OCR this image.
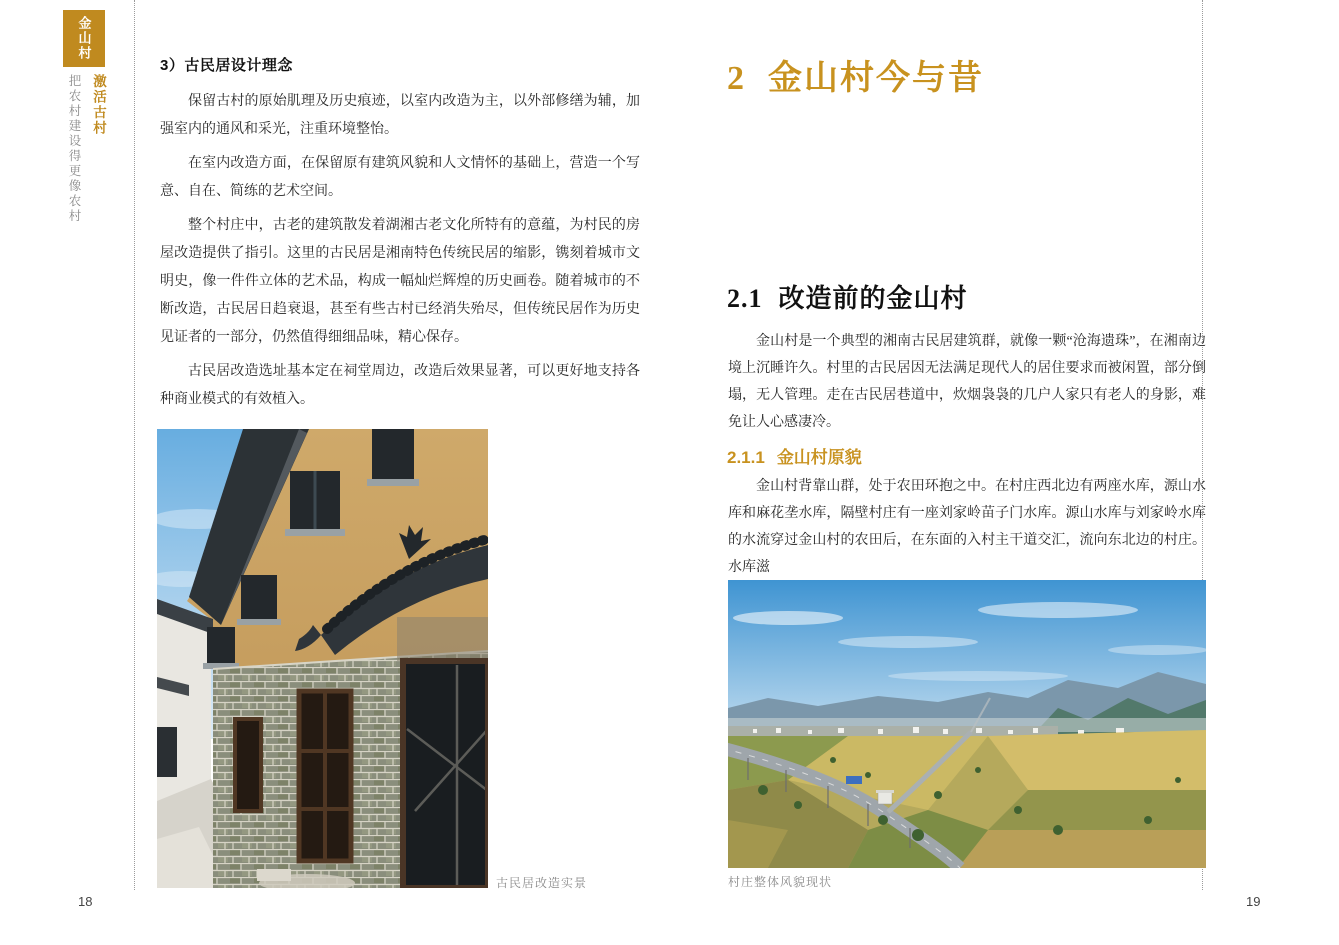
金山村
激活古村
把农村建设得更像农村
3）古民居设计理念

保留古村的原始肌理及历史痕迹，以室内改造为主，以外部修缮为辅，加强室内的通风和采光，注重环境整怡。

在室内改造方面，在保留原有建筑风貌和人文情怀的基础上，营造一个写意、自在、简练的艺术空间。

整个村庄中，古老的建筑散发着湖湘古老文化所特有的意蕴，为村民的房屋改造提供了指引。这里的古民居是湘南特色传统民居的缩影，镌刻着城市文明史，像一件件立体的艺术品，构成一幅灿烂辉煌的历史画卷。随着城市的不断改造，古民居日趋衰退，甚至有些古村已经消失殆尽，但传统民居作为历史见证者的一部分，仍然值得细细品味，精心保存。

古民居改造选址基本定在祠堂周边，改造后效果显著，可以更好地支持各种商业模式的有效植入。

古民居改造实景
18
2 金山村今与昔
2.1 改造前的金山村

金山村是一个典型的湘南古民居建筑群，就像一颗“沧海遗珠”，在湘南边境上沉睡许久。村里的古民居因无法满足现代人的居住要求而被闲置，部分倒塌，无人管理。走在古民居巷道中，炊烟袅袅的几户人家只有老人的身影，难免让人心感凄冷。

2.1.1 金山村原貌

金山村背靠山群，处于农田环抱之中。在村庄西北边有两座水库，源山水库和麻花垄水库，隔壁村庄有一座刘家岭苗子门水库。源山水库与刘家岭水库的水流穿过金山村的农田后，在东面的入村主干道交汇，流向东北边的村庄。水库滋

村庄整体风貌现状
19
